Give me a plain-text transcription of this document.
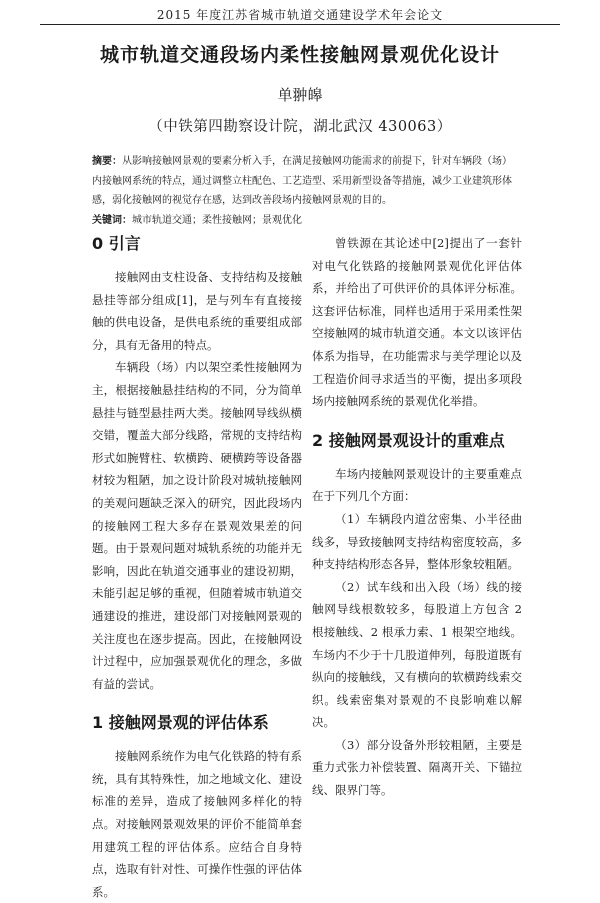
2015 年度江苏省城市轨道交通建设学术年会论文
城市轨道交通段场内柔性接触网景观优化设计
单翀皞
（中铁第四勘察设计院，湖北武汉 430063）
摘要：从影响接触网景观的要素分析入手，在满足接触网功能需求的前提下，针对车辆段（场）内接触网系统的特点，通过调整立柱配色、工艺造型、采用新型设备等措施，减少工业建筑形体感，弱化接触网的视觉存在感，达到改善段场内接触网景观的目的。
关键词：城市轨道交通；柔性接触网；景观优化
0 引言

接触网由支柱设备、支持结构及接触悬挂等部分组成[1]，是与列车有直接接触的供电设备，是供电系统的重要组成部分，具有无备用的特点。

车辆段（场）内以架空柔性接触网为主，根据接触悬挂结构的不同，分为简单悬挂与链型悬挂两大类。接触网导线纵横交错，覆盖大部分线路，常规的支持结构形式如腕臂柱、软横跨、硬横跨等设备器材较为粗陋，加之设计阶段对城轨接触网的美观问题缺乏深入的研究，因此段场内的接触网工程大多存在景观效果差的问题。由于景观问题对城轨系统的功能并无影响，因此在轨道交通事业的建设初期，未能引起足够的重视，但随着城市轨道交通建设的推进，建设部门对接触网景观的关注度也在逐步提高。因此，在接触网设计过程中，应加强景观优化的理念，多做有益的尝试。

1 接触网景观的评估体系

接触网系统作为电气化铁路的特有系统，具有其特殊性，加之地域文化、建设标准的差异，造成了接触网多样化的特点。对接触网景观效果的评价不能简单套用建筑工程的评估体系。应结合自身特点，选取有针对性、可操作性强的评估体系。

曾铁源在其论述中[2]提出了一套针对电气化铁路的接触网景观优化评估体系，并给出了可供评价的具体评分标准。这套评估标准，同样也适用于采用柔性架空接触网的城市轨道交通。本文以该评估体系为指导，在功能需求与美学理论以及工程造价间寻求适当的平衡，提出多项段场内接触网系统的景观优化举措。

2 接触网景观设计的重难点

车场内接触网景观设计的主要重难点在于下列几个方面：

（1）车辆段内道岔密集、小半径曲线多，导致接触网支持结构密度较高，多种支持结构形态各异，整体形象较粗陋。

（2）试车线和出入段（场）线的接触网导线根数较多，每股道上方包含 2 根接触线、2 根承力索、1 根架空地线。车场内不少于十几股道伸列，每股道既有纵向的接触线，又有横向的软横跨线索交织。线索密集对景观的不良影响难以解决。

（3）部分设备外形较粗陋，主要是重力式张力补偿装置、隔离开关、下锚拉线、限界门等。
